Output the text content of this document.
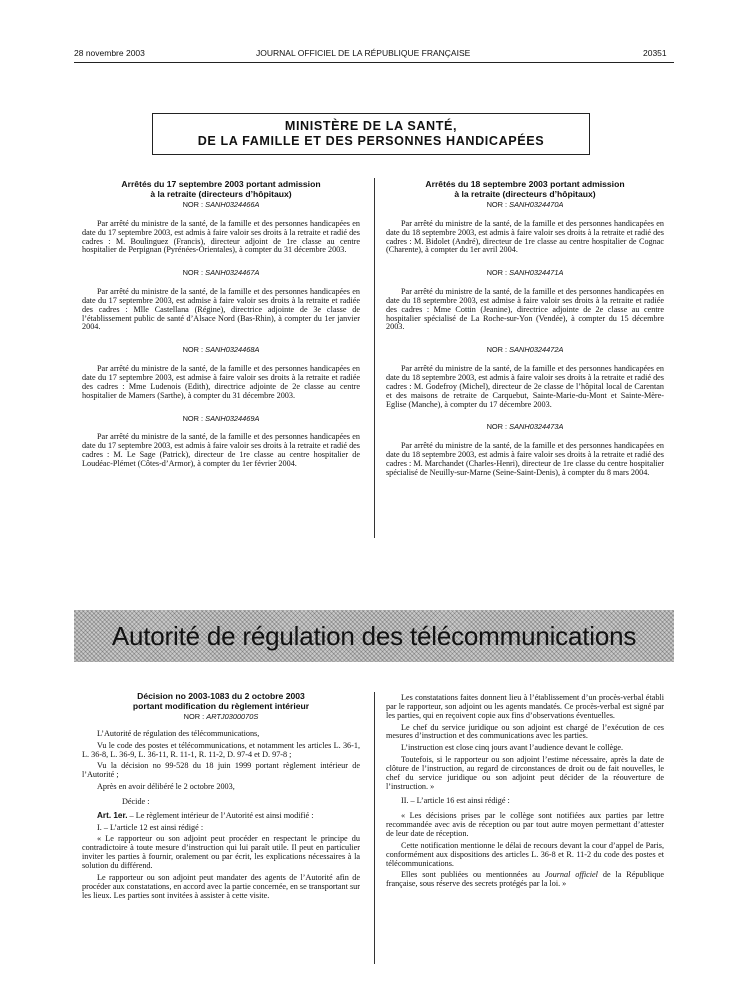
28 novembre 2003	JOURNAL OFFICIEL DE LA RÉPUBLIQUE FRANÇAISE	20351
MINISTÈRE DE LA SANTÉ,
DE LA FAMILLE ET DES PERSONNES HANDICAPÉES

Arrêtés du 17 septembre 2003 portant admission

à la retraite (directeurs d’hôpitaux)

NOR : SANH0324466A

Par arrêté du ministre de la santé, de la famille et des personnes handicapées en date du 17 septembre 2003, est admis à faire valoir ses droits à la retraite et radié des cadres : M. Boulinguez (Francis), directeur adjoint de 1re classe au centre hospitalier de Perpignan (Pyrénées-Orientales), à compter du 31 décembre 2003.

NOR : SANH0324467A

Par arrêté du ministre de la santé, de la famille et des personnes handicapées en date du 17 septembre 2003, est admise à faire valoir ses droits à la retraite et radiée des cadres : Mlle Castellana (Régine), directrice adjointe de 3e classe de l’établissement public de santé d’Alsace Nord (Bas-Rhin), à compter du 1er janvier 2004.

NOR : SANH0324468A

Par arrêté du ministre de la santé, de la famille et des personnes handicapées en date du 17 septembre 2003, est admise à faire valoir ses droits à la retraite et radiée des cadres : Mme Ludenois (Edith), directrice adjointe de 2e classe au centre hospitalier de Mamers (Sarthe), à compter du 31 décembre 2003.

NOR : SANH0324469A

Par arrêté du ministre de la santé, de la famille et des personnes handicapées en date du 17 septembre 2003, est admis à faire valoir ses droits à la retraite et radié des cadres : M. Le Sage (Patrick), directeur de 1re classe au centre hospitalier de Loudéac-Plémet (Côtes-d’Armor), à compter du 1er février 2004.

Arrêtés du 18 septembre 2003 portant admission

à la retraite (directeurs d’hôpitaux)

NOR : SANH0324470A

Par arrêté du ministre de la santé, de la famille et des personnes handicapées en date du 18 septembre 2003, est admis à faire valoir ses droits à la retraite et radié des cadres : M. Bidolet (André), directeur de 1re classe au centre hospitalier de Cognac (Charente), à compter du 1er avril 2004.

NOR : SANH0324471A

Par arrêté du ministre de la santé, de la famille et des personnes handicapées en date du 18 septembre 2003, est admise à faire valoir ses droits à la retraite et radiée des cadres : Mme Cottin (Jeanine), directrice adjointe de 2e classe au centre hospitalier spécialisé de La Roche-sur-Yon (Vendée), à compter du 15 décembre 2003.

NOR : SANH0324472A

Par arrêté du ministre de la santé, de la famille et des personnes handicapées en date du 18 septembre 2003, est admis à faire valoir ses droits à la retraite et radié des cadres : M. Godefroy (Michel), directeur de 2e classe de l’hôpital local de Carentan et des maisons de retraite de Carquebut, Sainte-Marie-du-Mont et Sainte-Mère-Eglise (Manche), à compter du 17 décembre 2003.

NOR : SANH0324473A

Par arrêté du ministre de la santé, de la famille et des personnes handicapées en date du 18 septembre 2003, est admis à faire valoir ses droits à la retraite et radié des cadres : M. Marchandet (Charles-Henri), directeur de 1re classe du centre hospitalier spécialisé de Neuilly-sur-Marne (Seine-Saint-Denis), à compter du 8 mars 2004.

Autorité de régulation des télécommunications

Décision no 2003-1083 du 2 octobre 2003

portant modification du règlement intérieur

NOR : ARTJ0300070S

L’Autorité de régulation des télécommunications,

Vu le code des postes et télécommunications, et notamment les articles L. 36-1, L. 36-8, L. 36-9, L. 36-11, R. 11-1, R. 11-2, D. 97-4 et D. 97-8 ;

Vu la décision no 99-528 du 18 juin 1999 portant règlement intérieur de l’Autorité ;

Après en avoir délibéré le 2 octobre 2003,

Décide :

Art. 1er. – Le règlement intérieur de l’Autorité est ainsi modifié :

I. – L’article 12 est ainsi rédigé :

« Le rapporteur ou son adjoint peut procéder en respectant le principe du contradictoire à toute mesure d’instruction qui lui paraît utile. Il peut en particulier inviter les parties à fournir, oralement ou par écrit, les explications nécessaires à la solution du différend.

Le rapporteur ou son adjoint peut mandater des agents de l’Autorité afin de procéder aux constatations, en accord avec la partie concernée, en se transportant sur les lieux. Les parties sont invitées à assister à cette visite.

Les constatations faites donnent lieu à l’établissement d’un procès-verbal établi par le rapporteur, son adjoint ou les agents mandatés. Ce procès-verbal est signé par les parties, qui en reçoivent copie aux fins d’observations éventuelles.

Le chef du service juridique ou son adjoint est chargé de l’exécution de ces mesures d’instruction et des communications avec les parties.

L’instruction est close cinq jours avant l’audience devant le collège.

Toutefois, si le rapporteur ou son adjoint l’estime nécessaire, après la date de clôture de l’instruction, au regard de circonstances de droit ou de fait nouvelles, le chef du service juridique ou son adjoint peut décider de la réouverture de l’instruction. »

II. – L’article 16 est ainsi rédigé :

« Les décisions prises par le collège sont notifiées aux parties par lettre recommandée avec avis de réception ou par tout autre moyen permettant d’attester de leur date de réception.

Cette notification mentionne le délai de recours devant la cour d’appel de Paris, conformément aux dispositions des articles L. 36-8 et R. 11-2 du code des postes et télécommunications.

Elles sont publiées ou mentionnées au Journal officiel de la République française, sous réserve des secrets protégés par la loi. »
